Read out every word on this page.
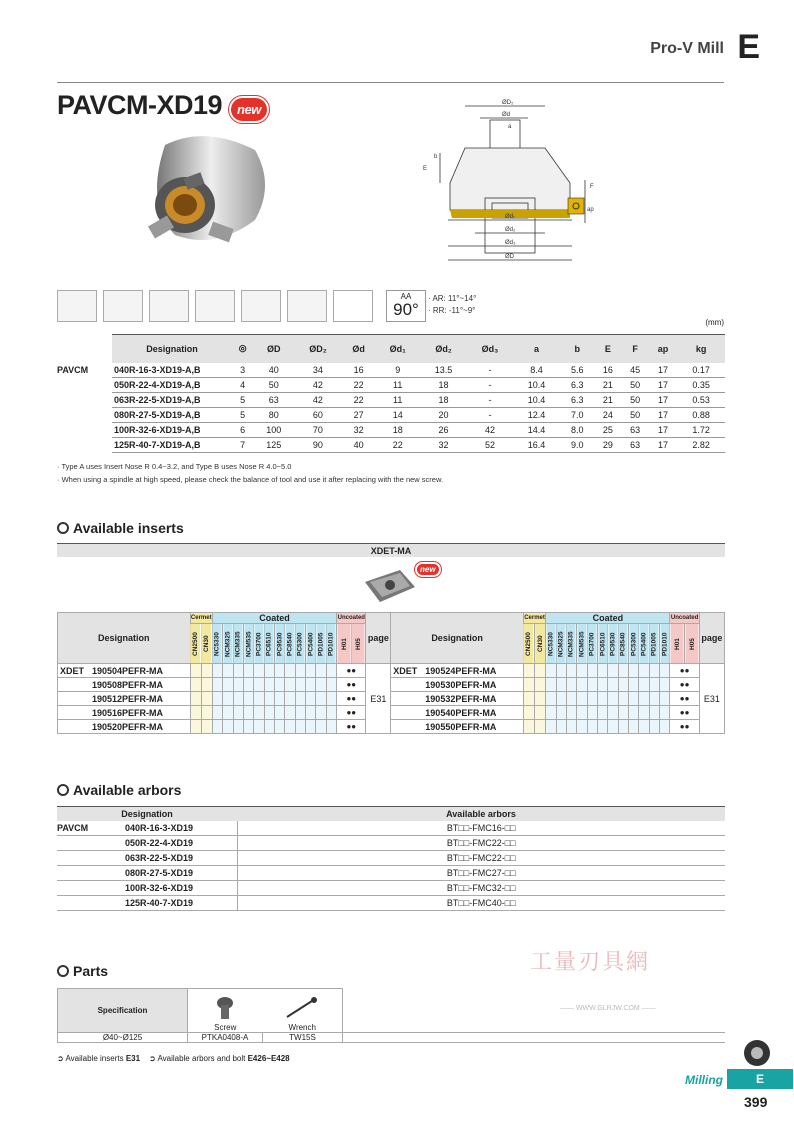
Pro-V Mill E
PAVCM-XD19 new	ØD₂
Ød
a
b
E
F
ap
Ød₁
Ød₂
Ød₃
ØD
AA
90°
· AR: 11°~14°
· RR: -11°~9°
(mm)
	Designation	◎	ØD	ØD₂	Ød	Ød₁	Ød₂	Ød₃	a	b	E	F	ap	kg
PAVCM	040R-16-3-XD19-A,B	3	40	34	16	9	13.5	-	8.4	5.6	16	45	17	0.17
	050R-22-4-XD19-A,B	4	50	42	22	11	18	-	10.4	6.3	21	50	17	0.35
	063R-22-5-XD19-A,B	5	63	42	22	11	18	-	10.4	6.3	21	50	17	0.53
	080R-27-5-XD19-A,B	5	80	60	27	14	20	-	12.4	7.0	24	50	17	0.88
	100R-32-6-XD19-A,B	6	100	70	32	18	26	42	14.4	8.0	25	63	17	1.72
	125R-40-7-XD19-A,B	7	125	90	40	22	32	52	16.4	9.0	29	63	17	2.82
· Type A uses Insert Nose R 0.4~3.2, and Type B uses Nose R 4.0~5.0
· When using a spindle at high speed, please check the balance of tool and use it after replacing with the new screw.
Available inserts
XDET-MA
new
Designation	Cermet		Coated												Uncoated		page	Designation	Cermet		Coated												Uncoated		page
	CN2500	CN30	NC5330	NCM325	NCM335	NCM535	PC3700	PC6510	PC9530	PC8540	PC5300	PC5400	PD1005	PD1010	H01	H05			CN2500	CN30	NC5330	NCM325	NCM335	NCM535	PC3700	PC6510	PC9530	PC8540	PC5300	PC5400	PD1005	PD1010	H01	H05	
XDET 190504PEFR-MA															●●		E31	XDET 190524PEFR-MA															●●		E31
190508PEFR-MA															●●			190530PEFR-MA															●●		
190512PEFR-MA															●●			190532PEFR-MA															●●		
190516PEFR-MA															●●			190540PEFR-MA															●●		
190520PEFR-MA															●●			190550PEFR-MA															●●		
Available arbors
Designation	Available arbors
PAVCM 040R-16-3-XD19	BT□□-FMC16-□□
050R-22-4-XD19	BT□□-FMC22-□□
063R-22-5-XD19	BT□□-FMC22-□□
080R-27-5-XD19	BT□□-FMC27-□□
100R-32-6-XD19	BT□□-FMC32-□□
125R-40-7-XD19	BT□□-FMC40-□□
Parts
Specification	Screw	Wrench	

Ø40~Ø125	PTKA0408-A	TW15S	
➲ Available inserts E31 ➲ Available arbors and bolt E426~E428
工量刃具網
—— WWW.GLRJW.COM ——
Milling	E
399
